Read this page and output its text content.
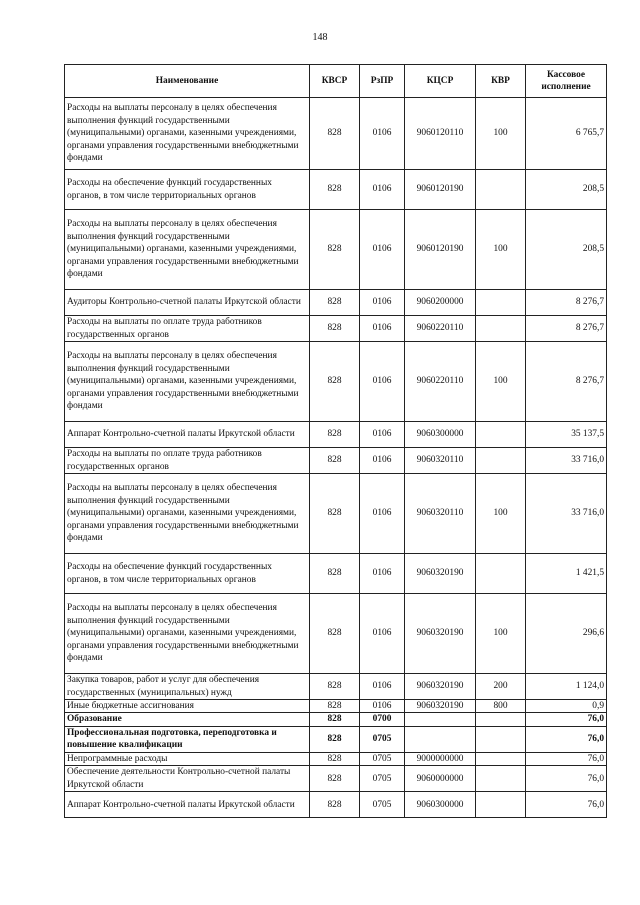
148
Наименование	КВСР	РзПР	КЦСР	КВР	Кассовое исполнение
Расходы на выплаты персоналу в целях обеспечения выполнения функций государственными (муниципальными) органами, казенными учреждениями, органами управления государственными внебюджетными фондами	828	0106	9060120110	100	6 765,7
Расходы на обеспечение функций государственных органов, в том числе территориальных органов	828	0106	9060120190		208,5
Расходы на выплаты персоналу в целях обеспечения выполнения функций государственными (муниципальными) органами, казенными учреждениями, органами управления государственными внебюджетными фондами	828	0106	9060120190	100	208,5
Аудиторы Контрольно-счетной палаты Иркутской области	828	0106	9060200000		8 276,7
Расходы на выплаты по оплате труда работников государственных органов	828	0106	9060220110		8 276,7
Расходы на выплаты персоналу в целях обеспечения выполнения функций государственными (муниципальными) органами, казенными учреждениями, органами управления государственными внебюджетными фондами	828	0106	9060220110	100	8 276,7
Аппарат Контрольно-счетной палаты Иркутской области	828	0106	9060300000		35 137,5
Расходы на выплаты по оплате труда работников государственных органов	828	0106	9060320110		33 716,0
Расходы на выплаты персоналу в целях обеспечения выполнения функций государственными (муниципальными) органами, казенными учреждениями, органами управления государственными внебюджетными фондами	828	0106	9060320110	100	33 716,0
Расходы на обеспечение функций государственных органов, в том числе территориальных органов	828	0106	9060320190		1 421,5
Расходы на выплаты персоналу в целях обеспечения выполнения функций государственными (муниципальными) органами, казенными учреждениями, органами управления государственными внебюджетными фондами	828	0106	9060320190	100	296,6
Закупка товаров, работ и услуг для обеспечения государственных (муниципальных) нужд	828	0106	9060320190	200	1 124,0
Иные бюджетные ассигнования	828	0106	9060320190	800	0,9
Образование	828	0700			76,0
Профессиональная подготовка, переподготовка и повышение квалификации	828	0705			76,0
Непрограммные расходы	828	0705	9000000000		76,0
Обеспечение деятельности Контрольно-счетной палаты Иркутской области	828	0705	9060000000		76,0
Аппарат Контрольно-счетной палаты Иркутской области	828	0705	9060300000		76,0
